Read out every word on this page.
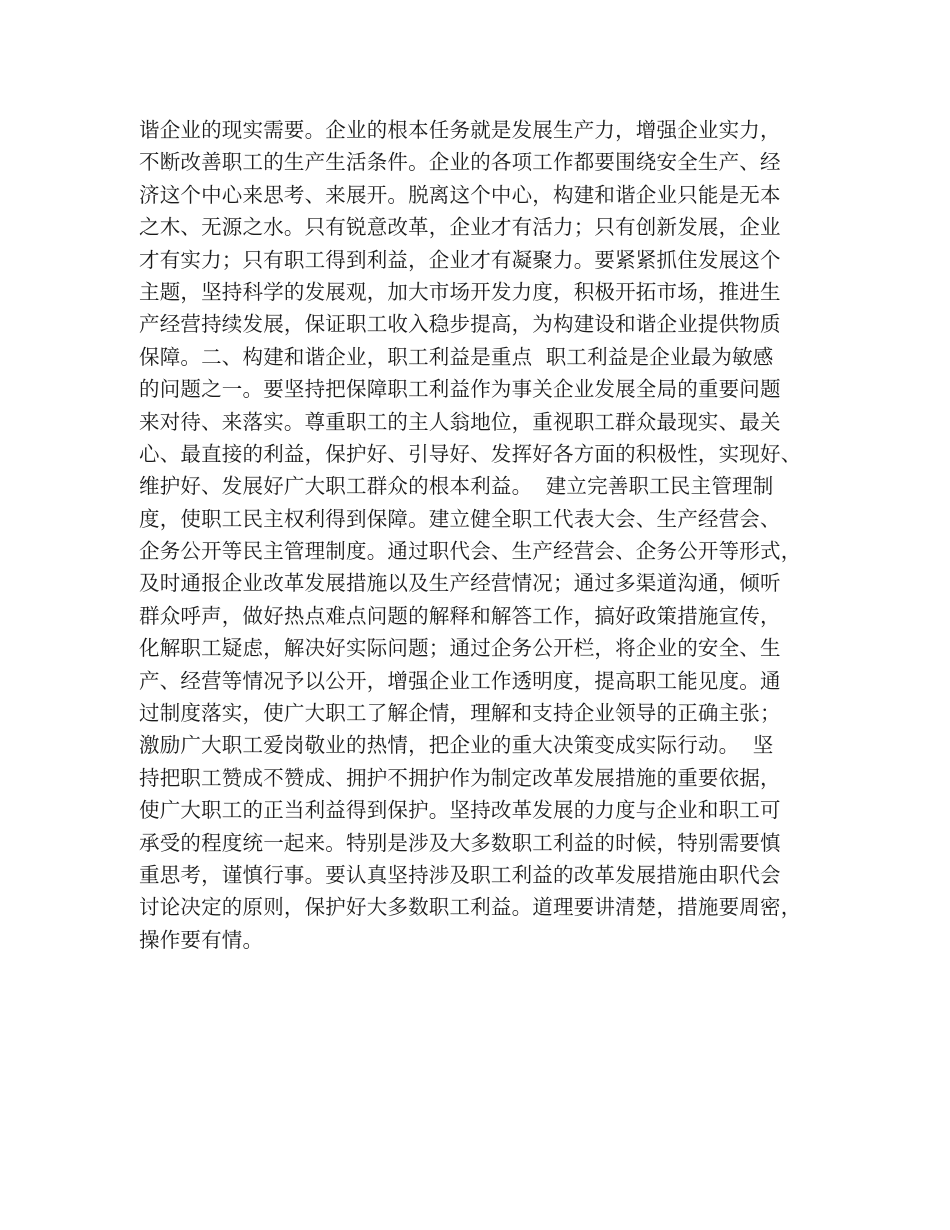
谐企业的现实需要。企业的根本任务就是发展生产力，增强企业实力，
不断改善职工的生产生活条件。企业的各项工作都要围绕安全生产、经
济这个中心来思考、来展开。脱离这个中心，构建和谐企业只能是无本
之木、无源之水。只有锐意改革，企业才有活力；只有创新发展，企业
才有实力；只有职工得到利益，企业才有凝聚力。要紧紧抓住发展这个
主题，坚持科学的发展观，加大市场开发力度，积极开拓市场，推进生
产经营持续发展，保证职工收入稳步提高，为构建设和谐企业提供物质
保障。二、构建和谐企业，职工利益是重点  职工利益是企业最为敏感
的问题之一。要坚持把保障职工利益作为事关企业发展全局的重要问题
来对待、来落实。尊重职工的主人翁地位，重视职工群众最现实、最关
心、最直接的利益，保护好、引导好、发挥好各方面的积极性，实现好、
维护好、发展好广大职工群众的根本利益。  建立完善职工民主管理制
度，使职工民主权利得到保障。建立健全职工代表大会、生产经营会、
企务公开等民主管理制度。通过职代会、生产经营会、企务公开等形式，
及时通报企业改革发展措施以及生产经营情况；通过多渠道沟通，倾听
群众呼声，做好热点难点问题的解释和解答工作，搞好政策措施宣传，
化解职工疑虑，解决好实际问题；通过企务公开栏，将企业的安全、生
产、经营等情况予以公开，增强企业工作透明度，提高职工能见度。通
过制度落实，使广大职工了解企情，理解和支持企业领导的正确主张；
激励广大职工爱岗敬业的热情，把企业的重大决策变成实际行动。  坚
持把职工赞成不赞成、拥护不拥护作为制定改革发展措施的重要依据，
使广大职工的正当利益得到保护。坚持改革发展的力度与企业和职工可
承受的程度统一起来。特别是涉及大多数职工利益的时候，特别需要慎
重思考，谨慎行事。要认真坚持涉及职工利益的改革发展措施由职代会
讨论决定的原则，保护好大多数职工利益。道理要讲清楚，措施要周密，
操作要有情。
